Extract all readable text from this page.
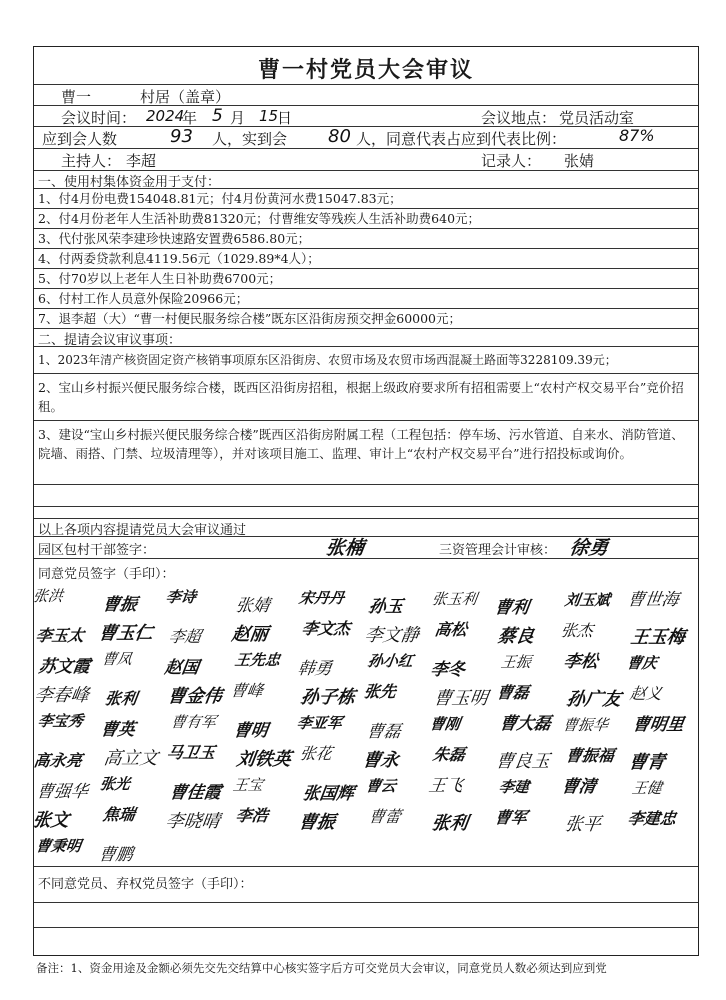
曹一村党员大会审议
曹一	村居（盖章）
会议时间： 2024
年 5 月 15
日	会议地点： 党员活动室
应到会人数	93 人，实到会 80 人，同意代表占应到代表比例：	87%
主持人： 李超	记录人： 张婧
一、使用村集体资金用于支付：
1、付4月份电费154048.81元；付4月份黄河水费15047.83元；
2、付4月份老年人生活补助费81320元；付曹维安等残疾人生活补助费640元；
3、代付张风荣李建珍快速路安置费6586.80元；
4、付两委贷款利息4119.56元（1029.89*4人）；
5、付70岁以上老年人生日补助费6700元；
6、付村工作人员意外保险20966元；
7、退李超（大）“曹一村便民服务综合楼”既东区沿街房预交押金60000元；
二、提请会议审议事项：
1、2023年清产核资固定资产核销事项原东区沿街房、农贸市场及农贸市场西混凝土路面等3228109.39元；
2、宝山乡村振兴便民服务综合楼，既西区沿街房招租，根据上级政府要求所有招租需要上“农村产权交易平台”竞价招租。
3、建设“宝山乡村振兴便民服务综合楼”既西区沿街房附属工程（工程包括：停车场、污水管道、自来水、消防管道、院墙、雨搭、门禁、垃圾清理等），并对该项目施工、监理、审计上“农村产权交易平台”进行招投标或询价。
以上各项内容提请党员大会审议通过
园区包村干部签字：	张楠	三资管理会计审核： 徐勇
同意党员签字（手印）：
张洪 曹振 李诗 张婧 宋丹丹 孙玉 张玉利 曹利 刘玉斌 曹世海
李玉太 曹玉仁 李超 赵丽 李文杰 李文静 高松 蔡良 张杰 王玉梅
苏文霞 曹凤 赵国 王先忠 韩勇 孙小红 李冬 王振 李松 曹庆
李春峰 张利 曹金伟 曹峰 孙子栋 张先 曹玉明 曹磊 孙广友 赵义
李宝秀 曹英 曹有军 曹明 李亚军 曹磊 曹刚 曹大磊 曹振华 曹明里
高永亮 高立文 马卫玉 刘铁英 张花 曹永 朱磊 曹良玉 曹振福 曹青
曹强华 张光 曹佳霞 王宝 张国辉 曹云 王飞 李建 曹清 王健
张文 焦瑞 李晓晴 李浩 曹振 曹蕾 张利 曹军 张平 李建忠
曹秉明 曹鹏
不同意党员、弃权党员签字（手印）：
备注：1、资金用途及金额必须先交先交结算中心核实签字后方可交党员大会审议，同意党员人数必须达到应到党
